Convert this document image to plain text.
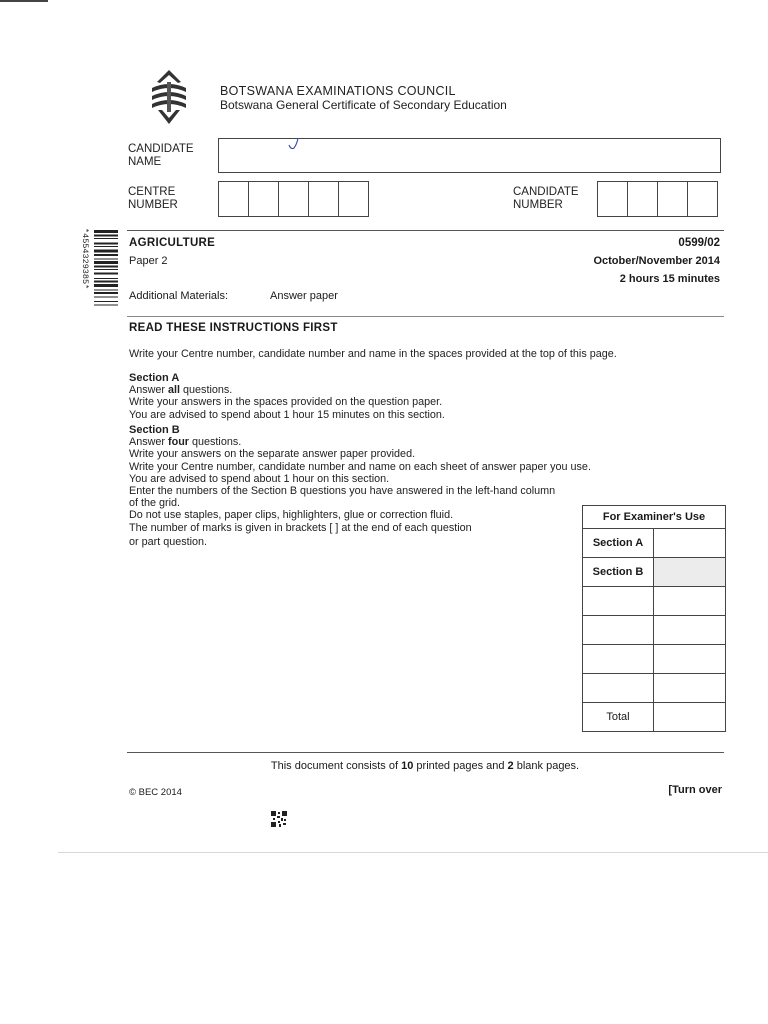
BOTSWANA EXAMINATIONS COUNCIL
Botswana General Certificate of Secondary Education
CANDIDATE
NAME
CENTRE
NUMBER
CANDIDATE
NUMBER
*4554329385*	AGRICULTURE
Paper 2
0599/02
October/November 2014
2 hours 15 minutes
Additional Materials:	Answer paper
READ THESE INSTRUCTIONS FIRST
Write your Centre number, candidate number and name in the spaces provided at the top of this page.
Section A
Answer all questions.
Write your answers in the spaces provided on the question paper.
You are advised to spend about 1 hour 15 minutes on this section.
Section B
Answer four questions.
Write your answers on the separate answer paper provided.
Write your Centre number, candidate number and name on each sheet of answer paper you use.
You are advised to spend about 1 hour on this section.
Enter the numbers of the Section B questions you have answered in the left-hand column
of the grid.
Do not use staples, paper clips, highlighters, glue or correction fluid.
The number of marks is given in brackets [ ] at the end of each question
or part question.
For Examiner's Use
Section A
Section B
Total
This document consists of 10 printed pages and 2 blank pages.
© BEC 2014	[Turn over
